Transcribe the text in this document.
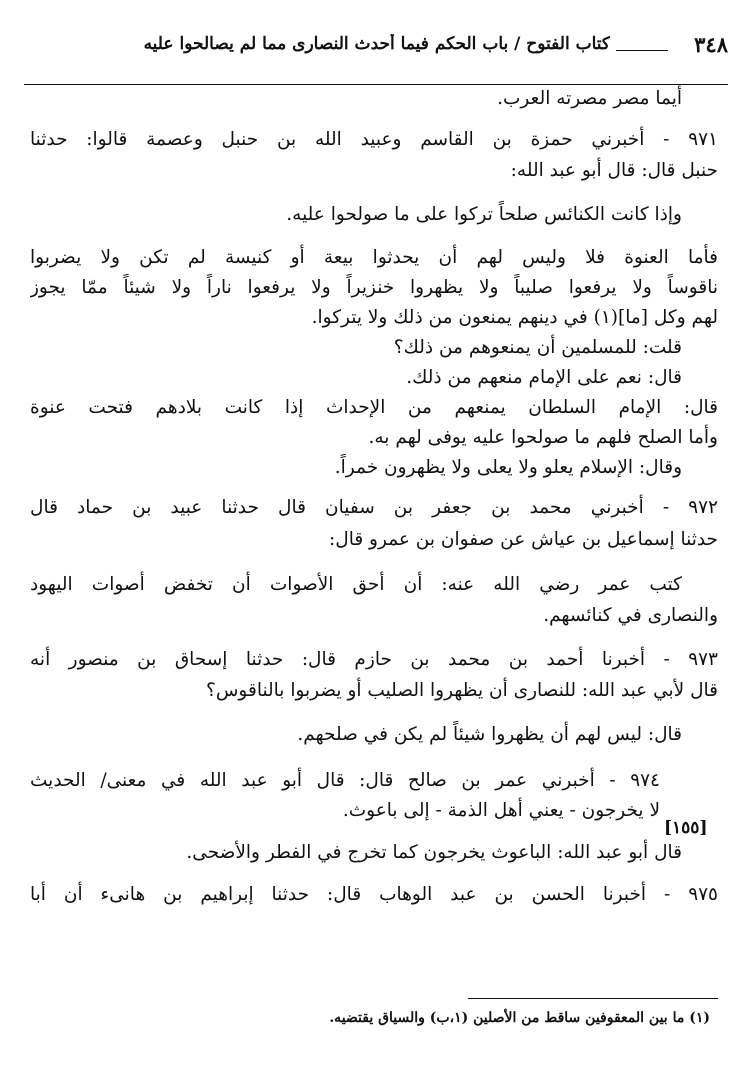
٣٤٨
كتاب الفتوح / باب الحكم فيما أحدث النصارى مما لم يصالحوا عليه
أيما مصر مصرته العرب.
٩٧١ - أخبرني حمزة بن القاسم وعبيد الله بن حنبل وعصمة قالوا: حدثنا
حنبل قال: قال أبو عبد الله:
وإذا كانت الكنائس صلحاً تركوا على ما صولحوا عليه.
فأما العنوة فلا وليس لهم أن يحدثوا بيعة أو كنيسة لم تكن ولا يضربوا
ناقوساً ولا يرفعوا صليباً ولا يظهروا خنزيراً ولا يرفعوا ناراً ولا شيئاً ممّا يجوز
لهم وكل [ما](١) في دينهم يمنعون من ذلك ولا يتركوا.
قلت: للمسلمين أن يمنعوهم من ذلك؟
قال: نعم على الإمام منعهم من ذلك.
قال: الإمام السلطان يمنعهم من الإحداث إذا كانت بلادهم فتحت عنوة
وأما الصلح فلهم ما صولحوا عليه يوفى لهم به.
وقال: الإسلام يعلو ولا يعلى ولا يظهرون خمراً.
٩٧٢ - أخبرني محمد بن جعفر بن سفيان قال حدثنا عبيد بن حماد قال
حدثنا إسماعيل بن عياش عن صفوان بن عمرو قال:
كتب عمر رضي الله عنه: أن أحق الأصوات أن تخفض أصوات اليهود
والنصارى في كنائسهم.
٩٧٣ - أخبرنا أحمد بن محمد بن حازم قال: حدثنا إسحاق بن منصور أنه
قال لأبي عبد الله: للنصارى أن يظهروا الصليب أو يضربوا بالناقوس؟
قال: ليس لهم أن يظهروا شيئاً لم يكن في صلحهم.
٩٧٤ - أخبرني عمر بن صالح قال: قال أبو عبد الله في معنى/ الحديث
لا يخرجون - يعني أهل الذمة - إلى باعوث.
قال أبو عبد الله: الباعوث يخرجون كما تخرج في الفطر والأضحى.
٩٧٥ - أخبرنا الحسن بن عبد الوهاب قال: حدثنا إبراهيم بن هانىء أن أبا
[١٥٥]
(١) ما بين المعقوفين ساقط من الأصلين (١،ب) والسياق يقتضيه.
